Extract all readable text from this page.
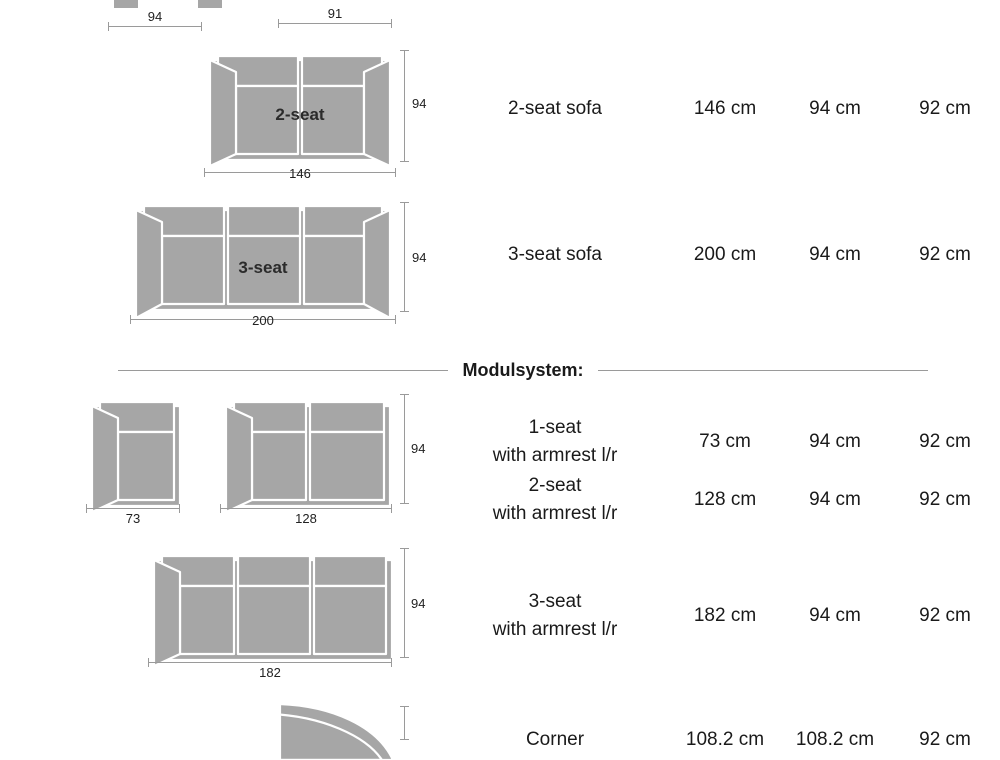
94	91
2-seat
146
94
3-seat
200
94
Modulsystem:
73	128
94
182
94
2-seat sofa	146 cm	94 cm	92 cm
3-seat sofa	200 cm	94 cm	92 cm
1-seat
with armrest l/r
73 cm	94 cm	92 cm
2-seat
with armrest l/r
128 cm	94 cm	92 cm
3-seat
with armrest l/r
182 cm	94 cm	92 cm
Corner	108.2 cm	108.2 cm	92 cm
